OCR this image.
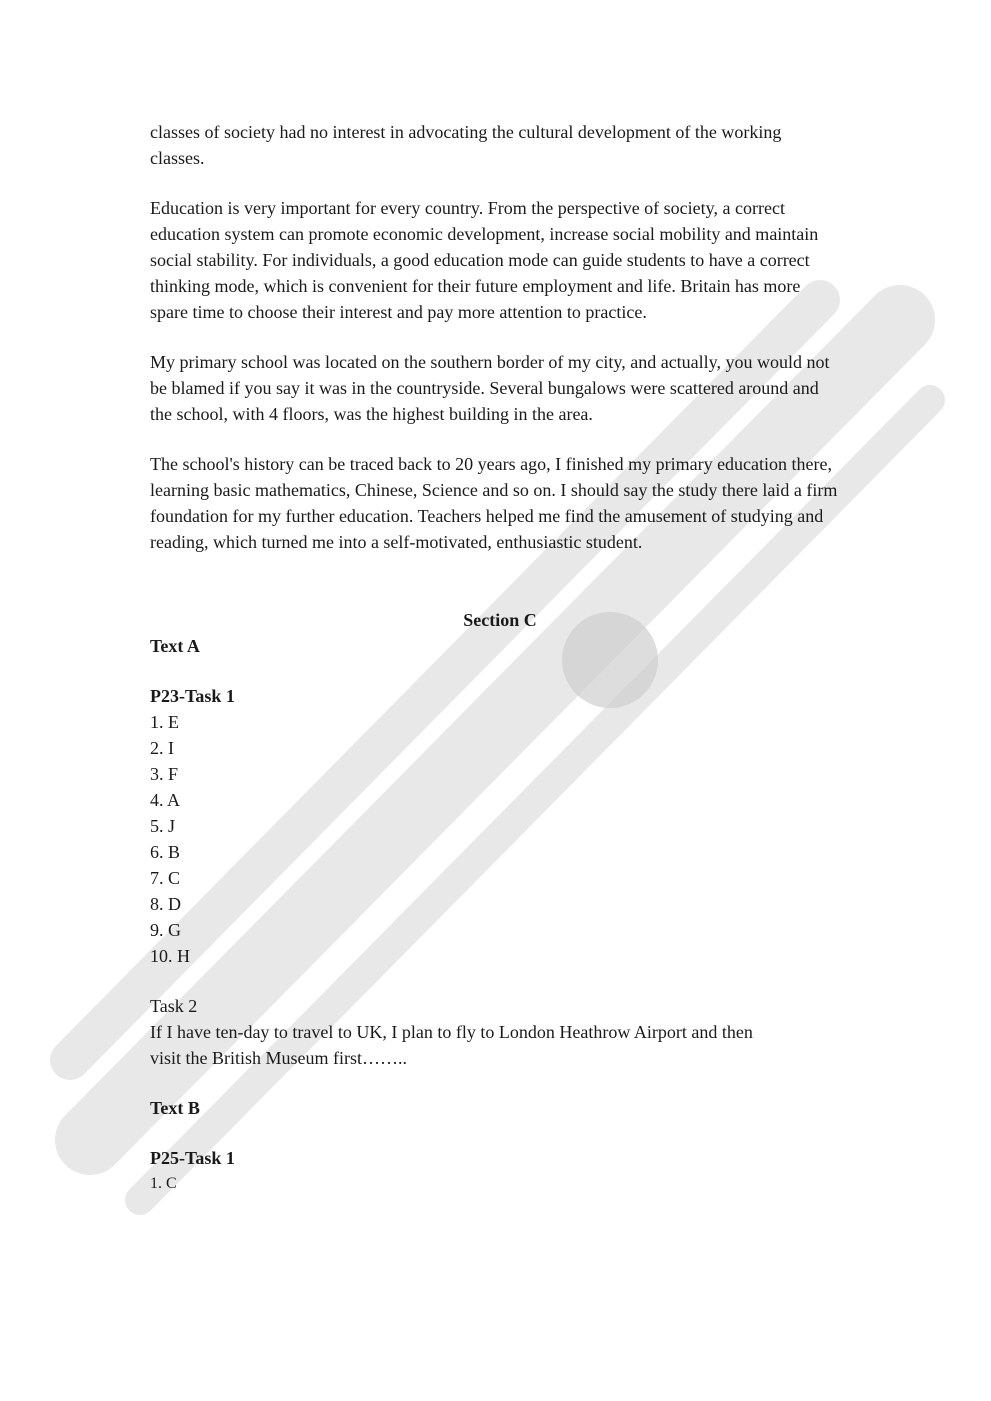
classes of society had no interest in advocating the cultural development of the working classes.

Education is very important for every country. From the perspective of society, a correct education system can promote economic development, increase social mobility and maintain social stability. For individuals, a good education mode can guide students to have a correct thinking mode, which is convenient for their future employment and life. Britain has more spare time to choose their interest and pay more attention to practice.

My primary school was located on the southern border of my city, and actually, you would not be blamed if you say it was in the countryside. Several bungalows were scattered around and the school, with 4 floors, was the highest building in the area.

The school's history can be traced back to 20 years ago, I finished my primary education there, learning basic mathematics, Chinese, Science and so on. I should say the study there laid a firm foundation for my further education. Teachers helped me find the amusement of studying and reading, which turned me into a self-motivated, enthusiastic student.

Section C

Text A

P23-Task 1

1. E
2. I
3. F
4. A
5. J
6. B
7. C
8. D
9. G
10. H

Task 2

If I have ten-day to travel to UK, I plan to fly to London Heathrow Airport and then
visit the British Museum first……..

Text B

P25-Task 1

1. C
